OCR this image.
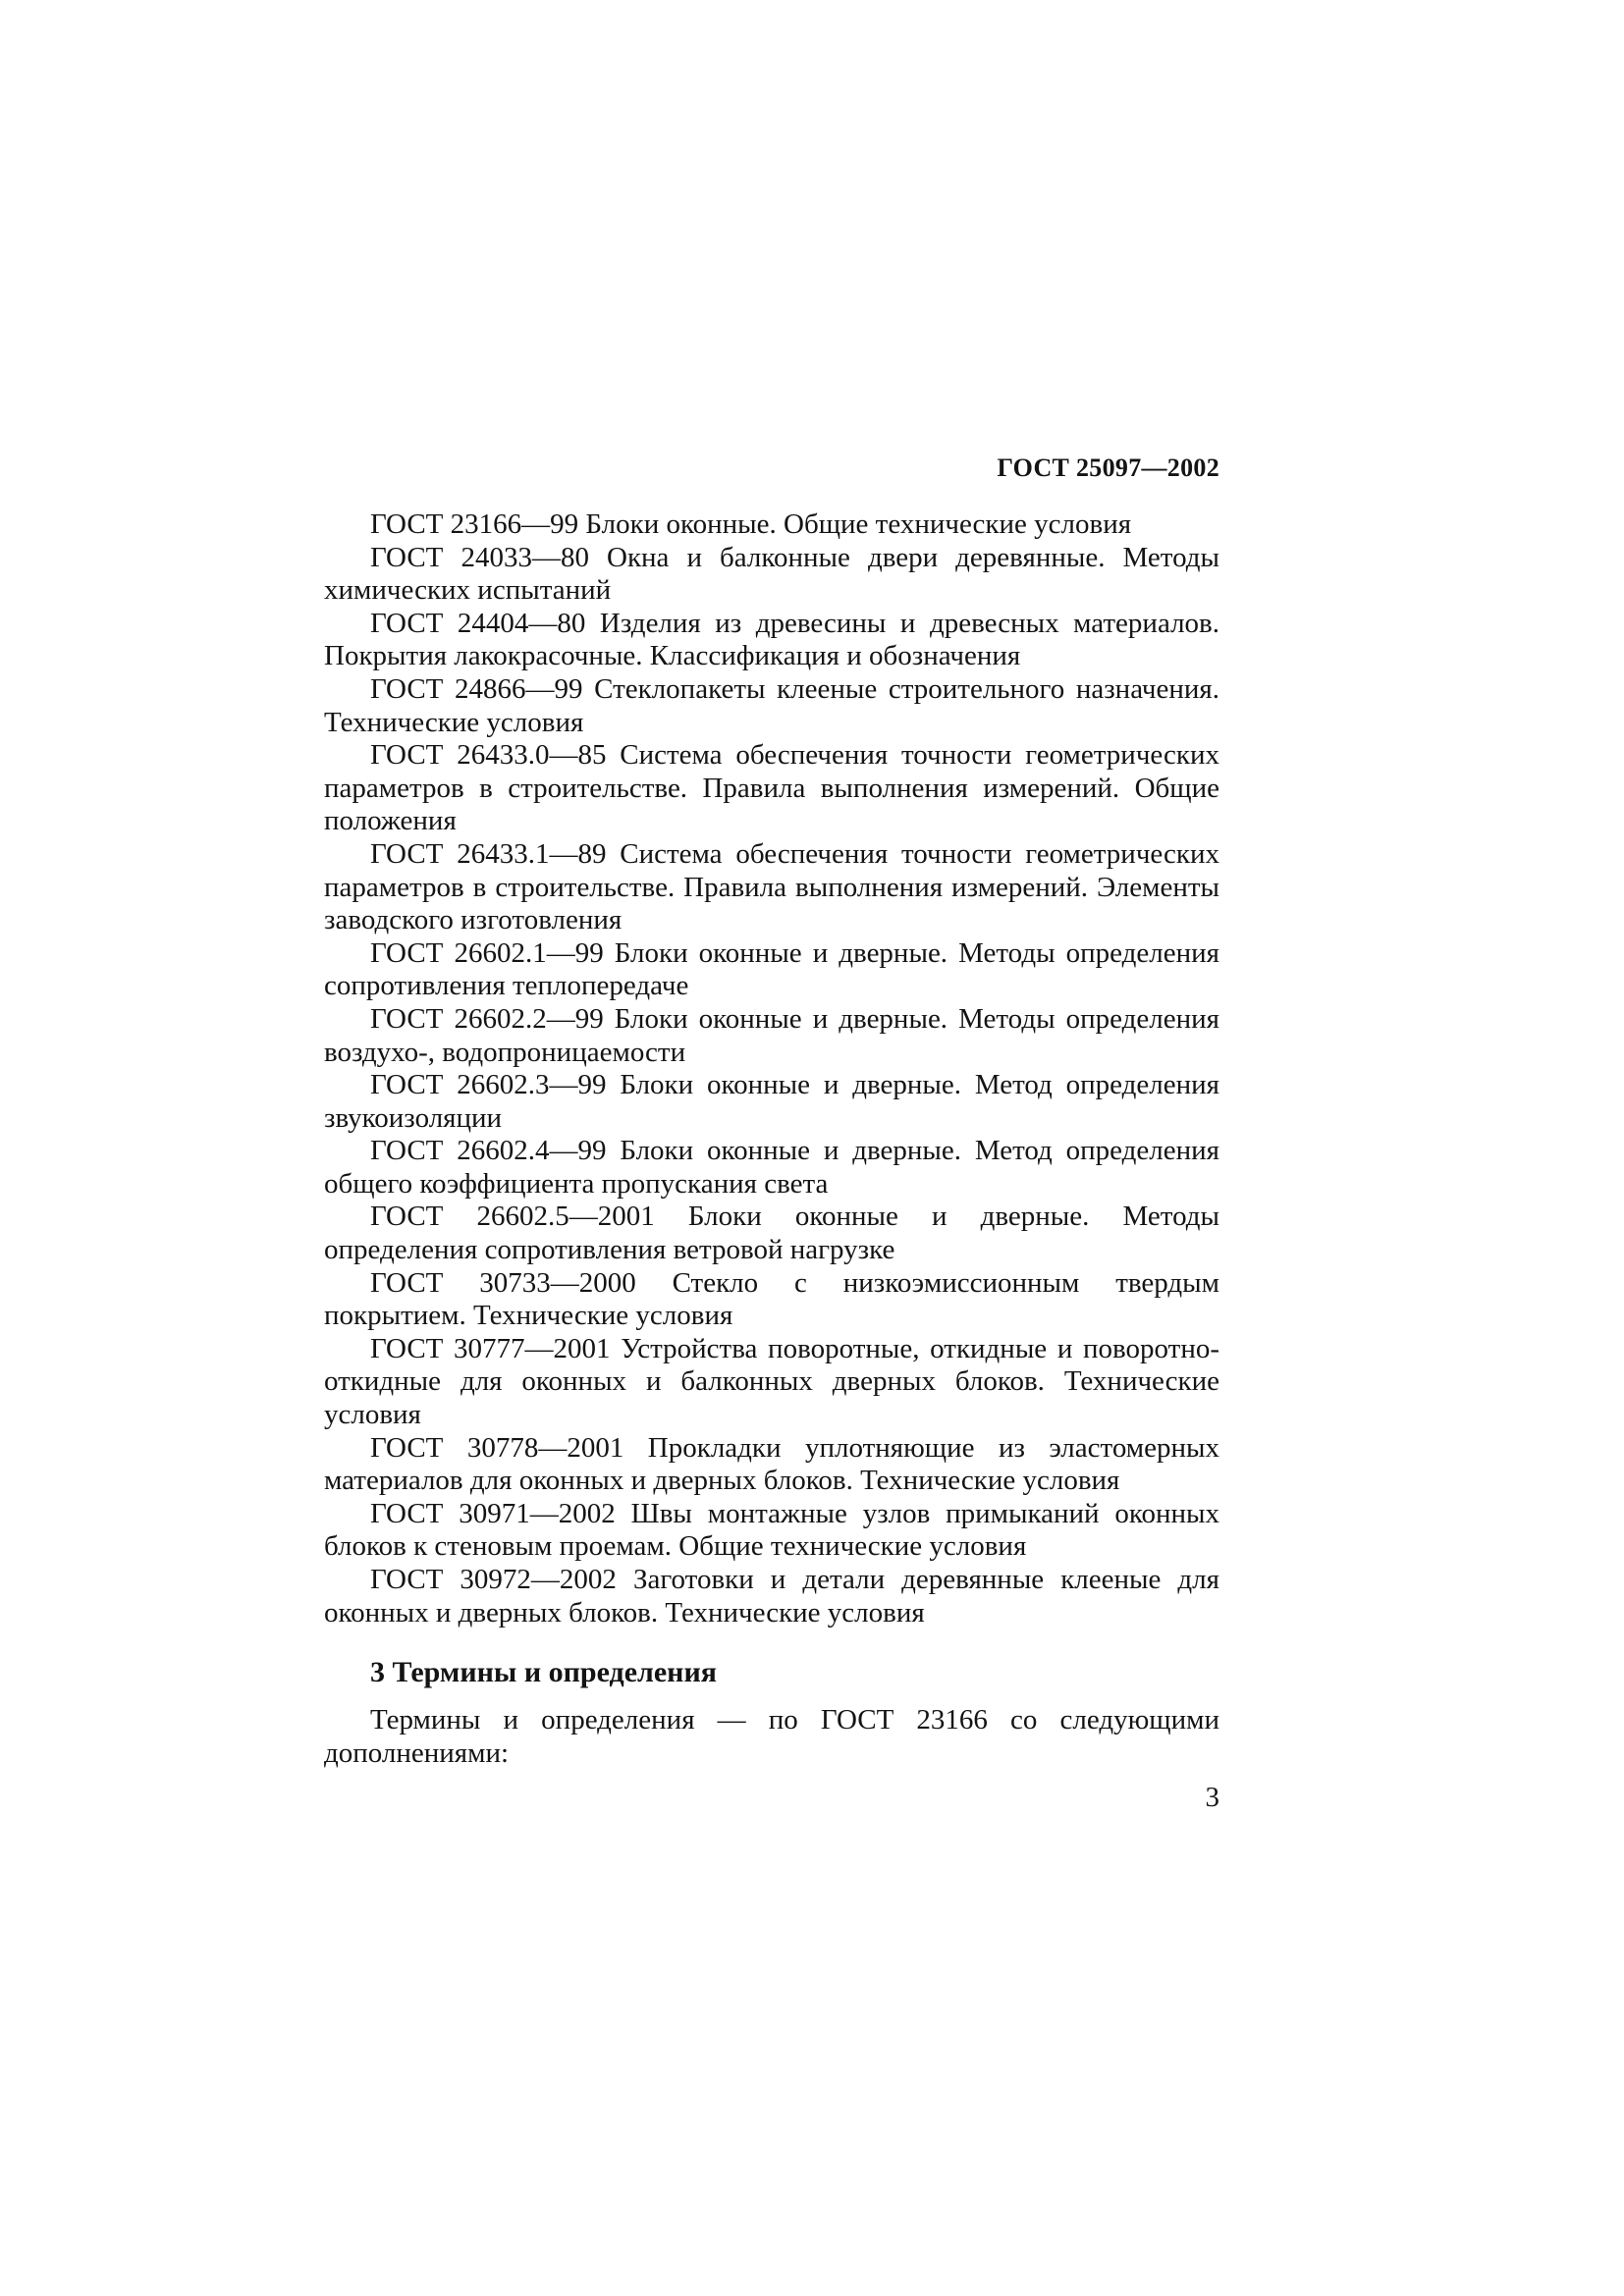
ГОСТ 25097—2002

ГОСТ 23166—99 Блоки оконные. Общие технические условия

ГОСТ 24033—80 Окна и балконные двери деревянные. Методы химических испытаний

ГОСТ 24404—80 Изделия из древесины и древесных материалов. Покрытия лакокрасочные. Классификация и обозначения

ГОСТ 24866—99 Стеклопакеты клееные строительного назначения. Технические условия

ГОСТ 26433.0—85 Система обеспечения точности геометрических параметров в строительстве. Правила выполнения измерений. Общие положения

ГОСТ 26433.1—89 Система обеспечения точности геометрических параметров в строительстве. Правила выполнения измерений. Элементы заводского изготовления

ГОСТ 26602.1—99 Блоки оконные и дверные. Методы определения сопротивления теплопередаче

ГОСТ 26602.2—99 Блоки оконные и дверные. Методы определения воздухо-, водопроницаемости

ГОСТ 26602.3—99 Блоки оконные и дверные. Метод определения звукоизоляции

ГОСТ 26602.4—99 Блоки оконные и дверные. Метод определения общего коэффициента пропускания света

ГОСТ 26602.5—2001 Блоки оконные и дверные. Методы определения сопротивления ветровой нагрузке

ГОСТ 30733—2000 Стекло с низкоэмиссионным твердым покрытием. Технические условия

ГОСТ 30777—2001 Устройства поворотные, откидные и поворотно-откидные для оконных и балконных дверных блоков. Технические условия

ГОСТ 30778—2001 Прокладки уплотняющие из эластомерных материалов для оконных и дверных блоков. Технические условия

ГОСТ 30971—2002 Швы монтажные узлов примыканий оконных блоков к стеновым проемам. Общие технические условия

ГОСТ 30972—2002 Заготовки и детали деревянные клееные для оконных и дверных блоков. Технические условия

3 Термины и определения

Термины и определения — по ГОСТ 23166 со следующими дополнениями:

3
